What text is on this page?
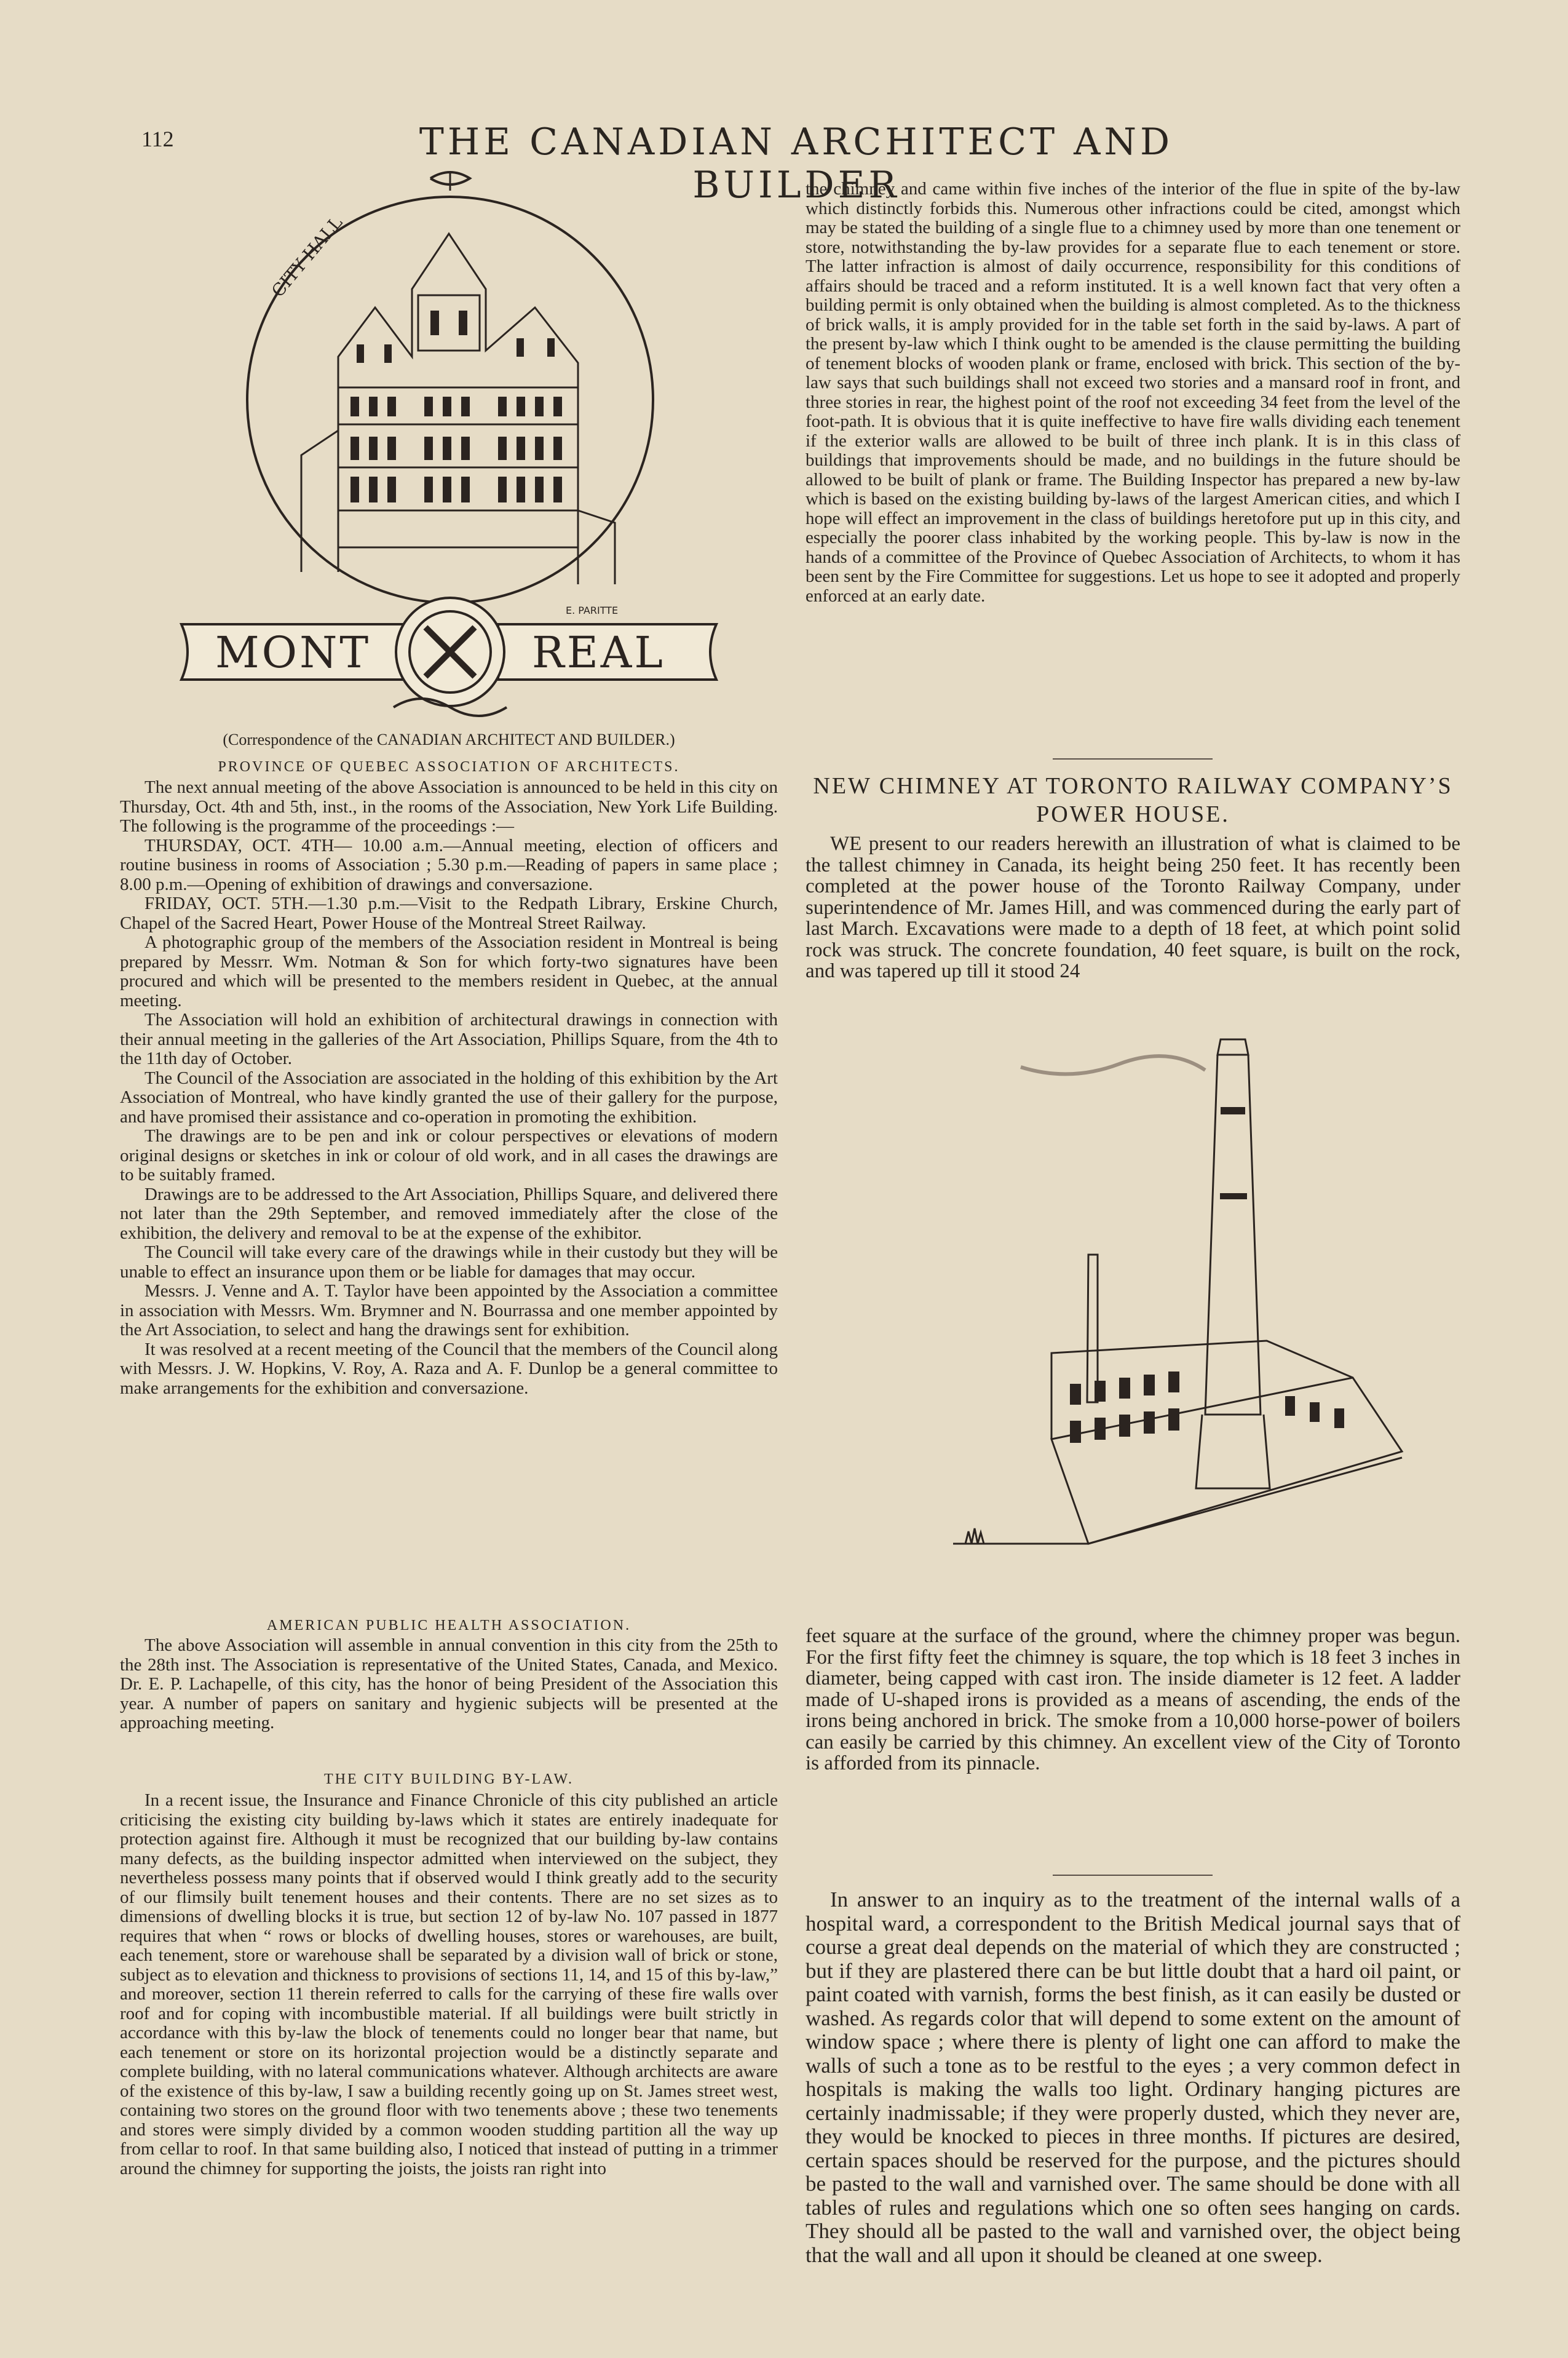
112	THE CANADIAN ARCHITECT AND BUILDER
CITY HALL
MONT	REAL
E. PARITTE

(Correspondence of the CANADIAN ARCHITECT AND BUILDER.)

PROVINCE OF QUEBEC ASSOCIATION OF ARCHITECTS.

The next annual meeting of the above Association is announced to be held in this city on Thursday, Oct. 4th and 5th, inst., in the rooms of the Association, New York Life Building. The following is the programme of the proceedings :—

THURSDAY, OCT. 4TH— 10.00 a.m.—Annual meeting, election of officers and routine business in rooms of Association ; 5.30 p.m.—Reading of papers in same place ; 8.00 p.m.—Opening of exhibition of drawings and conversazione.

FRIDAY, OCT. 5TH.—1.30 p.m.—Visit to the Redpath Library, Erskine Church, Chapel of the Sacred Heart, Power House of the Montreal Street Railway.

A photographic group of the members of the Association resident in Montreal is being prepared by Messrr. Wm. Notman & Son for which forty-two signatures have been procured and which will be presented to the members resident in Quebec, at the annual meeting.

The Association will hold an exhibition of architectural drawings in connection with their annual meeting in the galleries of the Art Association, Phillips Square, from the 4th to the 11th day of October.

The Council of the Association are associated in the holding of this exhibition by the Art Association of Montreal, who have kindly granted the use of their gallery for the purpose, and have promised their assistance and co-operation in promoting the exhibition.

The drawings are to be pen and ink or colour perspectives or elevations of modern original designs or sketches in ink or colour of old work, and in all cases the drawings are to be suitably framed.

Drawings are to be addressed to the Art Association, Phillips Square, and delivered there not later than the 29th September, and removed immediately after the close of the exhibition, the delivery and removal to be at the expense of the exhibitor.

The Council will take every care of the drawings while in their custody but they will be unable to effect an insurance upon them or be liable for damages that may occur.

Messrs. J. Venne and A. T. Taylor have been appointed by the Association a committee in association with Messrs. Wm. Brymner and N. Bourrassa and one member appointed by the Art Association, to select and hang the drawings sent for exhibition.

It was resolved at a recent meeting of the Council that the members of the Council along with Messrs. J. W. Hopkins, V. Roy, A. Raza and A. F. Dunlop be a general committee to make arrangements for the exhibition and conversazione.

AMERICAN PUBLIC HEALTH ASSOCIATION.

The above Association will assemble in annual convention in this city from the 25th to the 28th inst. The Association is representative of the United States, Canada, and Mexico. Dr. E. P. Lachapelle, of this city, has the honor of being President of the Association this year. A number of papers on sanitary and hygienic subjects will be presented at the approaching meeting.

THE CITY BUILDING BY-LAW.

In a recent issue, the Insurance and Finance Chronicle of this city published an article criticising the existing city building by-laws which it states are entirely inadequate for protection against fire. Although it must be recognized that our building by-law contains many defects, as the building inspector admitted when interviewed on the subject, they nevertheless possess many points that if observed would I think greatly add to the security of our flimsily built tenement houses and their contents. There are no set sizes as to dimensions of dwelling blocks it is true, but section 12 of by-law No. 107 passed in 1877 requires that when “ rows or blocks of dwelling houses, stores or warehouses, are built, each tenement, store or warehouse shall be separated by a division wall of brick or stone, subject as to elevation and thickness to provisions of sections 11, 14, and 15 of this by-law,” and moreover, section 11 therein referred to calls for the carrying of these fire walls over roof and for coping with incombustible material. If all buildings were built strictly in accordance with this by-law the block of tenements could no longer bear that name, but each tenement or store on its horizontal projection would be a distinctly separate and complete building, with no lateral communications whatever. Although architects are aware of the existence of this by-law, I saw a building recently going up on St. James street west, containing two stores on the ground floor with two tenements above ; these two tenements and stores were simply divided by a common wooden studding partition all the way up from cellar to roof. In that same building also, I noticed that instead of putting in a trimmer around the chimney for supporting the joists, the joists ran right into

the chimney and came within five inches of the interior of the flue in spite of the by-law which distinctly forbids this. Numerous other infractions could be cited, amongst which may be stated the building of a single flue to a chimney used by more than one tenement or store, notwithstanding the by-law provides for a separate flue to each tenement or store. The latter infraction is almost of daily occurrence, responsibility for this conditions of affairs should be traced and a reform instituted. It is a well known fact that very often a building permit is only obtained when the building is almost completed. As to the thickness of brick walls, it is amply provided for in the table set forth in the said by-laws. A part of the present by-law which I think ought to be amended is the clause permitting the building of tenement blocks of wooden plank or frame, enclosed with brick. This section of the by-law says that such buildings shall not exceed two stories and a mansard roof in front, and three stories in rear, the highest point of the roof not exceeding 34 feet from the level of the foot-path. It is obvious that it is quite ineffective to have fire walls dividing each tenement if the exterior walls are allowed to be built of three inch plank. It is in this class of buildings that improvements should be made, and no buildings in the future should be allowed to be built of plank or frame. The Building Inspector has prepared a new by-law which is based on the existing building by-laws of the largest American cities, and which I hope will effect an improvement in the class of buildings heretofore put up in this city, and especially the poorer class inhabited by the working people. This by-law is now in the hands of a committee of the Province of Quebec Association of Architects, to whom it has been sent by the Fire Committee for suggestions. Let us hope to see it adopted and properly enforced at an early date.

NEW CHIMNEY AT TORONTO RAILWAY COMPANY’S POWER HOUSE.

WE present to our readers herewith an illustration of what is claimed to be the tallest chimney in Canada, its height being 250 feet. It has recently been completed at the power house of the Toronto Railway Company, under superintendence of Mr. James Hill, and was commenced during the early part of last March. Excavations were made to a depth of 18 feet, at which point solid rock was struck. The concrete foundation, 40 feet square, is built on the rock, and was tapered up till it stood 24

feet square at the surface of the ground, where the chimney proper was begun. For the first fifty feet the chimney is square, the top which is 18 feet 3 inches in diameter, being capped with cast iron. The inside diameter is 12 feet. A ladder made of U-shaped irons is provided as a means of ascending, the ends of the irons being anchored in brick. The smoke from a 10,000 horse-power of boilers can easily be carried by this chimney. An excellent view of the City of Toronto is afforded from its pinnacle.

In answer to an inquiry as to the treatment of the internal walls of a hospital ward, a correspondent to the British Medical journal says that of course a great deal depends on the material of which they are constructed ; but if they are plastered there can be but little doubt that a hard oil paint, or paint coated with varnish, forms the best finish, as it can easily be dusted or washed. As regards color that will depend to some extent on the amount of window space ; where there is plenty of light one can afford to make the walls of such a tone as to be restful to the eyes ; a very common defect in hospitals is making the walls too light. Ordinary hanging pictures are certainly inadmissable; if they were properly dusted, which they never are, they would be knocked to pieces in three months. If pictures are desired, certain spaces should be reserved for the purpose, and the pictures should be pasted to the wall and varnished over. The same should be done with all tables of rules and regulations which one so often sees hanging on cards. They should all be pasted to the wall and varnished over, the object being that the wall and all upon it should be cleaned at one sweep.
